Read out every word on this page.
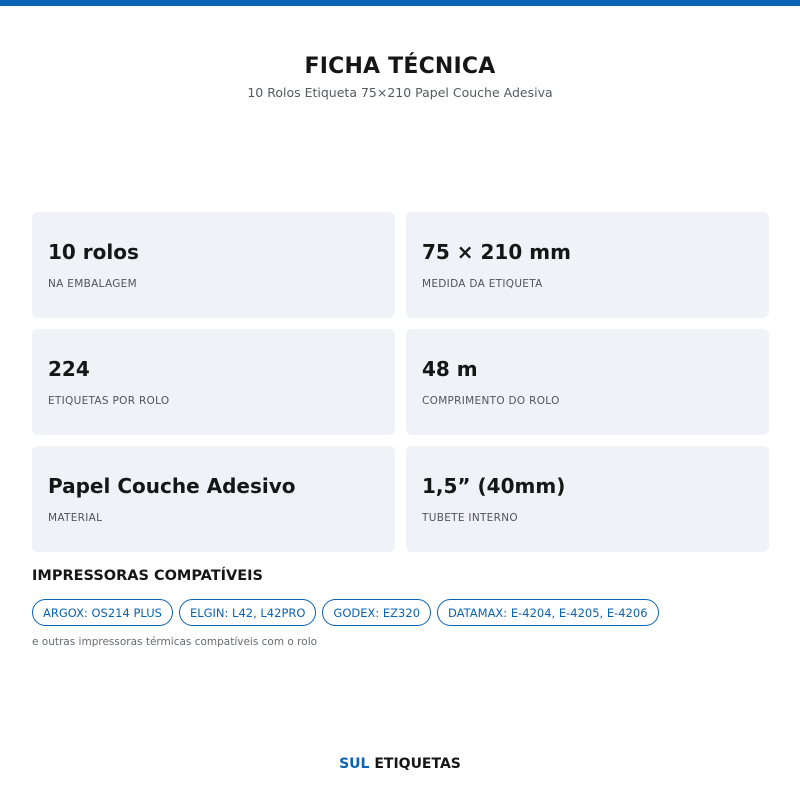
FICHA TÉCNICA
10 Rolos Etiqueta 75×210 Papel Couche Adesiva
10 rolos
NA EMBALAGEM
75 × 210 mm
MEDIDA DA ETIQUETA
224
ETIQUETAS POR ROLO
48 m
COMPRIMENTO DO ROLO
Papel Couche Adesivo
MATERIAL
1,5” (40mm)
TUBETE INTERNO
IMPRESSORAS COMPATÍVEIS
ARGOX: OS214 PLUS	ELGIN: L42, L42PRO	GODEX: EZ320	DATAMAX: E-4204, E-4205, E-4206
e outras impressoras térmicas compatíveis com o rolo
SUL ETIQUETAS
